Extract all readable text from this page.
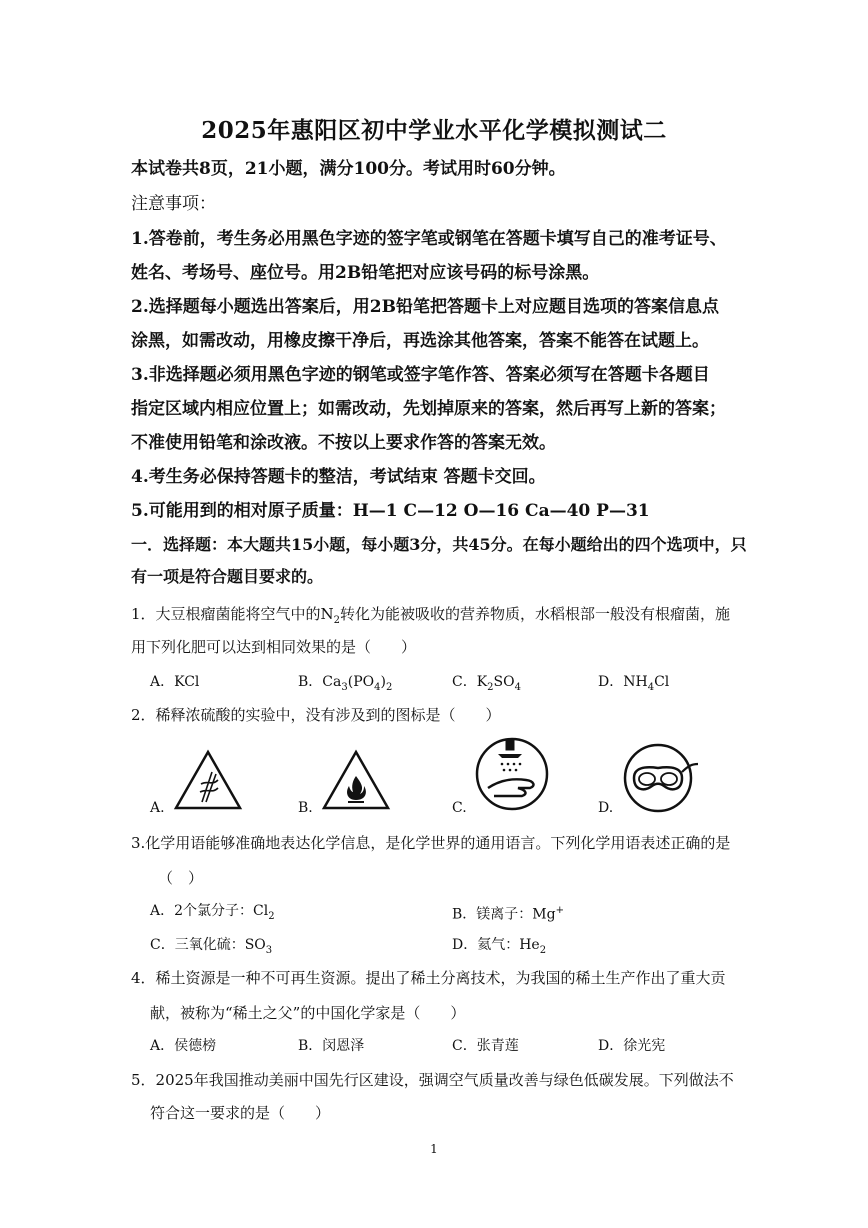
2025年惠阳区初中学业水平化学模拟测试二
本试卷共8页，21小题，满分100分。考试用时60分钟。
注意事项：
1.答卷前，考生务必用黑色字迹的签字笔或钢笔在答题卡填写自己的准考证号、
姓名、考场号、座位号。用2B铅笔把对应该号码的标号涂黑。
2.选择题每小题选出答案后，用2B铅笔把答题卡上对应题目选项的答案信息点
涂黑，如需改动，用橡皮擦干净后，再选涂其他答案，答案不能答在试题上。
3.非选择题必须用黑色字迹的钢笔或签字笔作答、答案必须写在答题卡各题目
指定区域内相应位置上；如需改动，先划掉原来的答案，然后再写上新的答案；
不准使用铅笔和涂改液。不按以上要求作答的答案无效。
4.考生务必保持答题卡的整洁，考试结束 答题卡交回。
5.可能用到的相对原子质量：H—1 C—12 O—16 Ca—40 P—31
一．选择题：本大题共15小题，每小题3分，共45分。在每小题给出的四个选项中，只
有一项是符合题目要求的。
1．大豆根瘤菌能将空气中的$N_2$转化为能被吸收的营养物质，水稻根部一般没有根瘤菌，施
用下列化肥可以达到相同效果的是（　　）
A．KCl	B．$Ca_3(PO_4)_2$	C．$K_2SO_4$	D．$NH_4Cl$
2．稀释浓硫酸的实验中，没有涉及到的图标是（　　）
A.	B.	C.	D.
3.化学用语能够准确地表达化学信息，是化学世界的通用语言。下列化学用语表述正确的是
（　）
A．2个氯分子：$Cl_2$	B．镁离子：Mg+
C．三氧化硫：$SO_3$	D．氦气：$He_2$
4．稀土资源是一种不可再生资源。提出了稀土分离技术，为我国的稀土生产作出了重大贡
献，被称为“稀土之父”的中国化学家是（　　）
A．侯德榜	B．闵恩泽	C．张青莲	D．徐光宪
5．2025年我国推动美丽中国先行区建设，强调空气质量改善与绿色低碳发展。下列做法不
符合这一要求的是（　　）
1
